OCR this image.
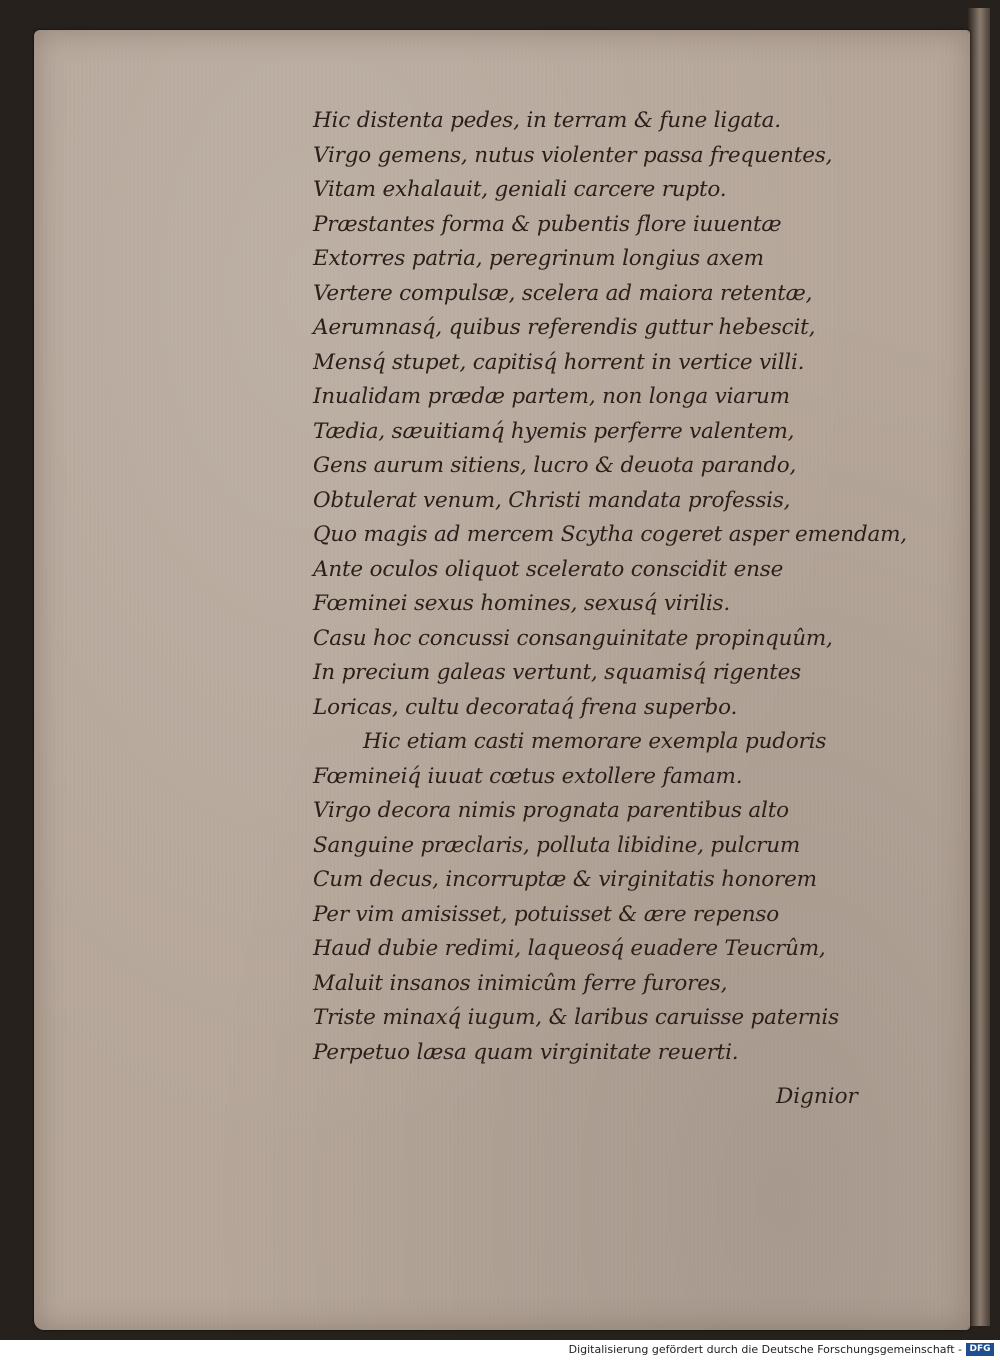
Hic distenta pedes, in terram & fune ligata.
Virgo gemens, nutus violenter passa frequentes,
Vitam exhalauit, geniali carcere rupto.
Præstantes forma & pubentis flore iuuentæ
Extorres patria, peregrinum longius axem
Vertere compulsæ, scelera ad maiora retentæ,
Aerumnasq́, quibus referendis guttur hebescit,
Mensq́ stupet, capitisq́ horrent in vertice villi.
Inualidam prædæ partem, non longa viarum
Tædia, sæuitiamq́ hyemis perferre valentem,
Gens aurum sitiens, lucro & deuota parando,
Obtulerat venum, Christi mandata professis,
Quo magis ad mercem Scytha cogeret asper emendam,
Ante oculos oliquot scelerato conscidit ense
Fœminei sexus homines, sexusq́ virilis.
Casu hoc concussi consanguinitate propinquûm,
In precium galeas vertunt, squamisq́ rigentes
Loricas, cultu decorataq́ frena superbo.
Hic etiam casti memorare exempla pudoris
Fœmineiq́ iuuat cœtus extollere famam.
Virgo decora nimis prognata parentibus alto
Sanguine præclaris, polluta libidine, pulcrum
Cum decus, incorruptæ & virginitatis honorem
Per vim amisisset, potuisset & ære repenso
Haud dubie redimi, laqueosq́ euadere Teucrûm,
Maluit insanos inimicûm ferre furores,
Triste minaxq́ iugum, & laribus caruisse paternis
Perpetuo læsa quam virginitate reuerti.
Dignior
Digitalisierung gefördert durch die Deutsche Forschungsgemeinschaft - DFG
